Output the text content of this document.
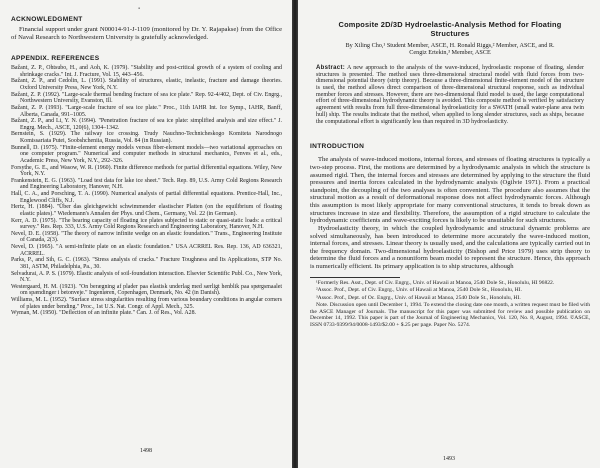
▪
ACKNOWLEDGMENT

Financial support under grant N00014-91-J-1109 (monitored by Dr. Y. Rajapakse) from the Office of Naval Research to Northwestern University is gratefully acknowledged.

APPENDIX. REFERENCES

Bažant, Z. P., Ohtsubo, H., and Aoh, K. (1979). "Stability and post-critical growth of a system of cooling and shrinkage cracks." Int. J. Fracture, Vol. 15, 443–456.

Bažant, Z. P., and Cedolin, L. (1991). Stability of structures, elastic, inelastic, fracture and damage theories. Oxford University Press, New York, N.Y.

Bažant, Z. P. (1992). "Large-scale thermal bending fracture of sea ice plate." Rep. 92-4/402, Dept. of Civ. Engrg., Northwestern University, Evanston, Ill.

Bažant, Z. P. (1993). "Large-scale fracture of sea ice plate." Proc., 11th IAHR Int. Ice Symp., IAHR, Banff, Alberta, Canada, 991–1005.

Bažant, Z. P., and Li, Y. N. (1994). "Penetration fracture of sea ice plate: simplified analysis and size effect." J. Engrg. Mech., ASCE, 120(6), 1304–1342.

Bernstein, S. (1929). The railway ice crossing. Trudy Nauchno-Technicheskogo Komiteta Narodnogo Komissariata Putei, Soobshcheniia, Russia, Vol. 84 (in Russian).

Bunnell, D. (1975). "Finite-element energy models versus fiber-element models—two variational approaches on one computer program." Numerical and computer methods in structural mechanics, Fenves et al., eds., Academic Press, New York, N.Y., 292–326.

Forsythe, G. E., and Wasow, W. R. (1960). Finite difference methods for partial differential equations. Wiley, New York, N.Y.

Frankenstein, E. G. (1963). "Load test data for lake ice sheet." Tech. Rep. 89, U.S. Army Cold Regions Research and Engineering Laboratory, Hanover, N.H.

Hall, C. A., and Porsching, T. A. (1990). Numerical analysis of partial differential equations. Prentice-Hall, Inc., Englewood Cliffs, N.J.

Hertz, H. (1884). "Über das gleichgewicht schwimmender elastischer Platten (on the equilibrium of floating elastic plates)." Wiedemann's Annalen der Phys. und Chem., Germany, Vol. 22 (in German).

Kerr, A. D. (1975). "The bearing capacity of floating ice plates subjected to static or quasi-static loads: a critical survey." Res. Rep. 333, U.S. Army Cold Regions Research and Engineering Laboratory, Hanover, N.H.

Nevel, D. E. (1958). "The theory of narrow infinite wedge on an elastic foundation." Trans., Engineering Institute of Canada, 2(3).

Nevel, D. (1965). "A semi-infinite plate on an elastic foundation." USA ACRREL Res. Rep. 136, AD 636321, ACRREL.

Parks, P., and Sih, G. C. (1963). "Stress analysis of cracks." Fracture Toughness and Its Applications, STP No. 381, ASTM, Philadelphia, Pa., 30.

Selvadurai, A. P. S. (1979). Elastic analysis of soil-foundation interaction. Elsevier Scientific Publ. Co., New York, N.Y.

Westergaard, H. M. (1923). "On berægning af plader paa elastisk underlag med særligt henblik paa spørgsmaalet om spændinger i betonveje." Ingeniøren, Copenhagen, Denmark, No. 42 (in Danish).

Williams, M. L. (1952). "Surface stress singularities resulting from various boundary conditions in angular corners of plates under bending." Proc., 1st U.S. Nat. Congr. of Appl. Mech., 325.

Wyman, M. (1950). "Deflection of an infinite plate." Can. J. of Res., Vol. A28.

1498
Composite 2D/3D Hydroelastic-Analysis Method for Floating Structures
By Xiling Cho,¹ Student Member, ASCE, H. Ronald Riggs,² Member, ASCE, and R. Cengiz Ertekin,³ Member, ASCE

Abstract: A new approach to the analysis of the wave-induced, hydroelastic response of floating, slender structures is presented. The method uses three-dimensional structural model with fluid forces from two-dimensional potential theory (strip theory). Because a three-dimensional finite-element model of the structure is used, the method allows direct comparison of three-dimensional structural response, such as individual member forces and stresses. However, there are two-dimensional fluid model is used, the large computational effort of three-dimensional hydrodynamic theory is avoided. This composite method is verified by satisfactory agreement with results from full three-dimensional hydroelasticity for a SWATH (small water-plane area twin hull) ship. The results indicate that the method, when applied to long slender structures, such as ships, because the computational effort is significantly less than required in 3D hydroelasticity.

INTRODUCTION

The analysis of wave-induced motions, internal forces, and stresses of floating structures is typically a two-step process. First, the motions are determined by a hydrodynamic analysis in which the structure is assumed rigid. Then, the internal forces and stresses are determined by applying to the structure the fluid pressures and inertia forces calculated in the hydrodynamic analysis (Ogilvie 1971). From a practical standpoint, the decoupling of the two analyses is often convenient. The procedure also assumes that the structural motion as a result of deformational response does not affect hydrodynamic forces. Although this assumption is most likely appropriate for many conventional structures, it tends to break down as structures increase in size and flexibility. Therefore, the assumption of a rigid structure to calculate the hydrodynamic coefficients and wave-exciting forces is likely to be unsuitable for such structures.

Hydroelasticity theory, in which the coupled hydrodynamic and structural dynamic problems are solved simultaneously, has been introduced to determine more accurately the wave-induced motion, internal forces, and stresses. Linear theory is usually used, and the calculations are typically carried out in the frequency domain. Two-dimensional hydroelasticity (Bishop and Price 1979) uses strip theory to determine the fluid forces and a nonuniform beam model to represent the structure. Hence, this approach is numerically efficient. Its primary application is to ship structures, although

¹Formerly Res. Asst., Dept. of Civ. Engrg., Univ. of Hawaii at Manoa, 2540 Dole St., Honolulu, HI 96822.

²Assoc. Prof., Dept. of Civ. Engrg., Univ. of Hawaii at Manoa, 2540 Dole St., Honolulu, HI.

³Assoc. Prof., Dept. of Oc. Engrg., Univ. of Hawaii at Manoa, 2540 Dole St., Honolulu, HI.

Note. Discussion open until December 1, 1994. To extend the closing date one month, a written request must be filed with the ASCE Manager of Journals. The manuscript for this paper was submitted for review and possible publication on December 14, 1992. This paper is part of the Journal of Engineering Mechanics, Vol. 120, No. 8, August, 1994. ©ASCE, ISSN 0733-9399/94/0008-1493/$2.00 + $.25 per page. Paper No. 5274.

1493
